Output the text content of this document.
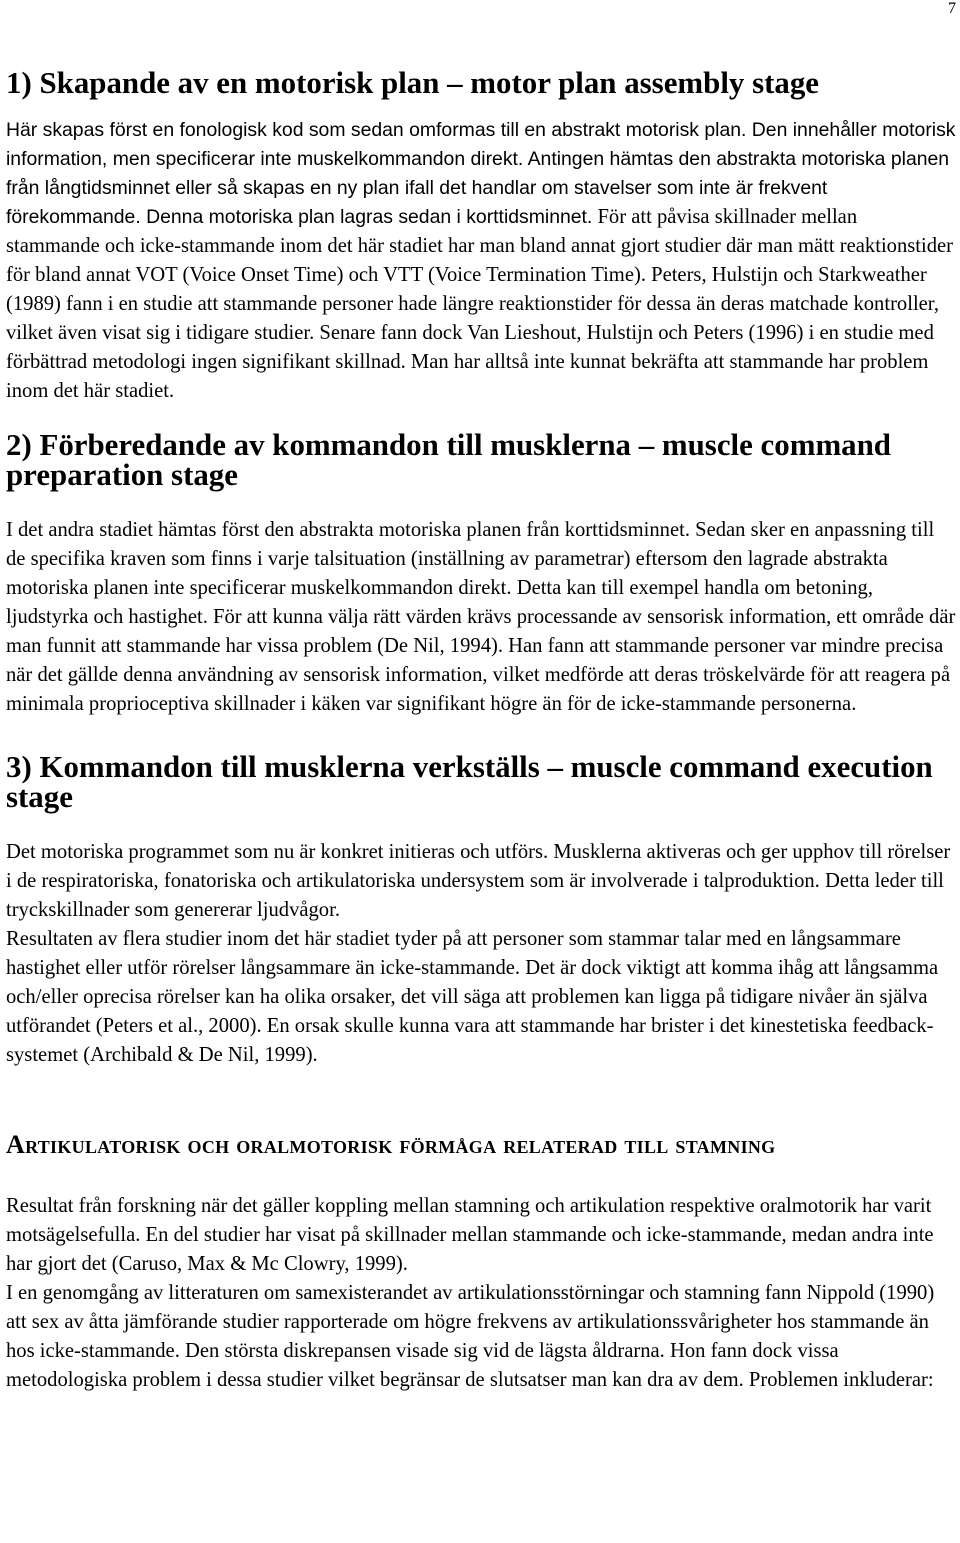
7
1) Skapande av en motorisk plan – motor plan assembly stage

Här skapas först en fonologisk kod som sedan omformas till en abstrakt motorisk plan. Den innehåller motorisk information, men specificerar inte muskelkommandon direkt. Antingen hämtas den abstrakta motoriska planen från långtidsminnet eller så skapas en ny plan ifall det handlar om stavelser som inte är frekvent förekommande. Denna motoriska plan lagras sedan i korttidsminnet. För att påvisa skillnader mellan stammande och icke-stammande inom det här stadiet har man bland annat gjort studier där man mätt reaktionstider för bland annat VOT (Voice Onset Time) och VTT (Voice Termination Time). Peters, Hulstijn och Starkweather (1989) fann i en studie att stammande personer hade längre reaktionstider för dessa än deras matchade kontroller, vilket även visat sig i tidigare studier. Senare fann dock Van Lieshout, Hulstijn och Peters (1996) i en studie med förbättrad metodologi ingen signifikant skillnad. Man har alltså inte kunnat bekräfta att stammande har problem inom det här stadiet.

2) Förberedande av kommandon till musklerna – muscle command preparation stage

I det andra stadiet hämtas först den abstrakta motoriska planen från korttidsminnet. Sedan sker en anpassning till de specifika kraven som finns i varje talsituation (inställning av parametrar) eftersom den lagrade abstrakta motoriska planen inte specificerar muskelkommandon direkt. Detta kan till exempel handla om betoning, ljudstyrka och hastighet. För att kunna välja rätt värden krävs processande av sensorisk information, ett område där man funnit att stammande har vissa problem (De Nil, 1994). Han fann att stammande personer var mindre precisa när det gällde denna användning av sensorisk information, vilket medförde att deras tröskelvärde för att reagera på minimala proprioceptiva skillnader i käken var signifikant högre än för de icke-stammande personerna.

3) Kommandon till musklerna verkställs – muscle command execution stage

Det motoriska programmet som nu är konkret initieras och utförs. Musklerna aktiveras och ger upphov till rörelser i de respiratoriska, fonatoriska och artikulatoriska undersystem som är involverade i talproduktion. Detta leder till tryckskillnader som genererar ljudvågor.

Resultaten av flera studier inom det här stadiet tyder på att personer som stammar talar med en långsammare hastighet eller utför rörelser långsammare än icke-stammande. Det är dock viktigt att komma ihåg att långsamma och/eller oprecisa rörelser kan ha olika orsaker, det vill säga att problemen kan ligga på tidigare nivåer än själva utförandet (Peters et al., 2000). En orsak skulle kunna vara att stammande har brister i det kinestetiska feedback-systemet (Archibald & De Nil, 1999).

Artikulatorisk och oralmotorisk förmåga relaterad till stamning

Resultat från forskning när det gäller koppling mellan stamning och artikulation respektive oralmotorik har varit motsägelsefulla. En del studier har visat på skillnader mellan stammande och icke-stammande, medan andra inte har gjort det (Caruso, Max & Mc Clowry, 1999).

I en genomgång av litteraturen om samexisterandet av artikulationsstörningar och stamning fann Nippold (1990) att sex av åtta jämförande studier rapporterade om högre frekvens av artikulationssvårigheter hos stammande än hos icke-stammande. Den största diskrepansen visade sig vid de lägsta åldrarna. Hon fann dock vissa metodologiska problem i dessa studier vilket begränsar de slutsatser man kan dra av dem. Problemen inkluderar:
